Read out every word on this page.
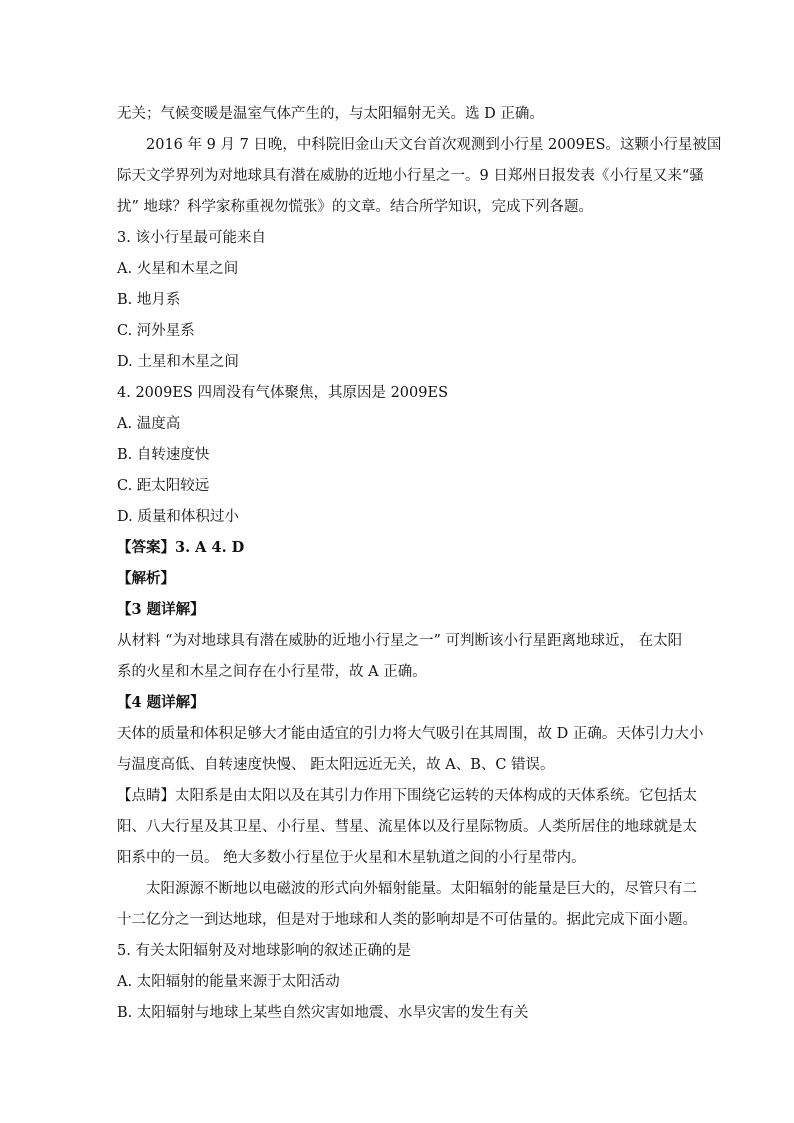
无关；气候变暖是温室气体产生的，与太阳辐射无关。选 D 正确。
2016 年 9 月 7 日晚，中科院旧金山天文台首次观测到小行星 2009ES。这颗小行星被国
际天文学界列为对地球具有潜在威胁的近地小行星之一。9 日郑州日报发表《小行星又来“骚
扰” 地球？科学家称重视勿慌张》的文章。结合所学知识，完成下列各题。
3. 该小行星最可能来自
A. 火星和木星之间
B. 地月系
C. 河外星系
D. 土星和木星之间
4. 2009ES 四周没有气体聚焦，其原因是 2009ES
A. 温度高
B. 自转速度快
C. 距太阳较远
D. 质量和体积过小
【答案】3. A 4. D
【解析】
【3 题详解】
从材料 “为对地球具有潜在威胁的近地小行星之一” 可判断该小行星距离地球近， 在太阳
系的火星和木星之间存在小行星带，故 A 正确。
【4 题详解】
天体的质量和体积足够大才能由适宜的引力将大气吸引在其周围，故 D 正确。天体引力大小
与温度高低、自转速度快慢、 距太阳远近无关，故 A、B、C 错误。
【点睛】太阳系是由太阳以及在其引力作用下围绕它运转的天体构成的天体系统。它包括太
阳、八大行星及其卫星、小行星、彗星、流星体以及行星际物质。人类所居住的地球就是太
阳系中的一员。 绝大多数小行星位于火星和木星轨道之间的小行星带内。
太阳源源不断地以电磁波的形式向外辐射能量。太阳辐射的能量是巨大的，尽管只有二
十二亿分之一到达地球，但是对于地球和人类的影响却是不可估量的。据此完成下面小题。
5. 有关太阳辐射及对地球影响的叙述正确的是
A. 太阳辐射的能量来源于太阳活动
B. 太阳辐射与地球上某些自然灾害如地震、水旱灾害的发生有关
